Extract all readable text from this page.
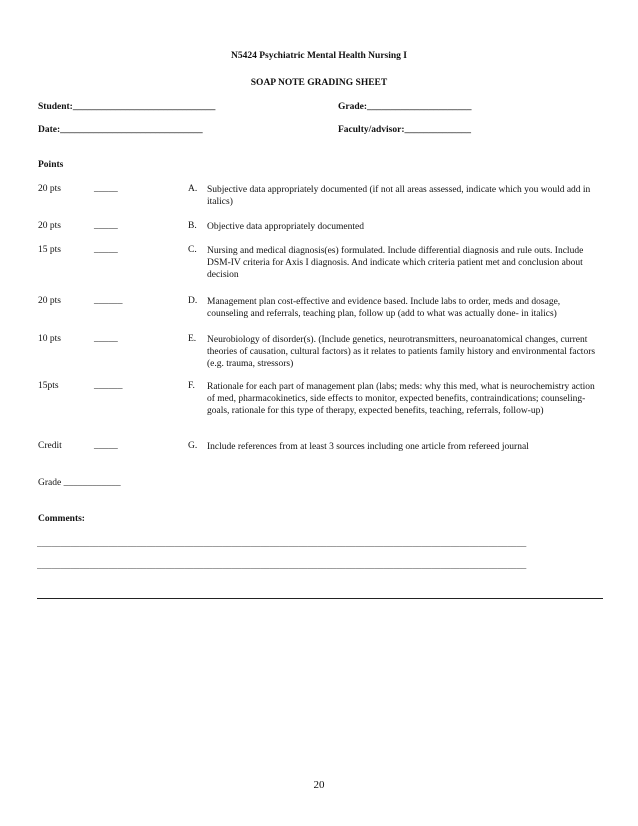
N5424 Psychiatric Mental Health Nursing I
SOAP NOTE GRADING SHEET
Student:______________________________	Grade:______________________
Date:______________________________	Faculty/advisor:______________
Points
20 pts	_____	A. Subjective data appropriately documented (if not all areas assessed, indicate which you would add in italics)
20 pts	_____	B. Objective data appropriately documented
15 pts	_____	C. Nursing and medical diagnosis(es) formulated. Include differential diagnosis and rule outs. Include DSM-IV criteria for Axis I diagnosis. And indicate which criteria patient met and conclusion about decision
20 pts	______	D. Management plan cost-effective and evidence based. Include labs to order, meds and dosage, counseling and referrals, teaching plan, follow up (add to what was actually done- in italics)
10 pts	_____	E. Neurobiology of disorder(s). (Include genetics, neurotransmitters, neuroanatomical changes, current theories of causation, cultural factors) as it relates to patients family history and environmental factors (e.g. trauma, stressors)
15pts	______	F. Rationale for each part of management plan (labs; meds: why this med, what is neurochemistry action of med, pharmacokinetics, side effects to monitor, expected benefits, contraindications; counseling-goals, rationale for this type of therapy, expected benefits, teaching, referrals, follow-up)
Credit	_____	G. Include references from at least 3 sources including one article from refereed journal
Grade ____________
Comments:
_______________________________________________________________________________________________________
_______________________________________________________________________________________________________
20
